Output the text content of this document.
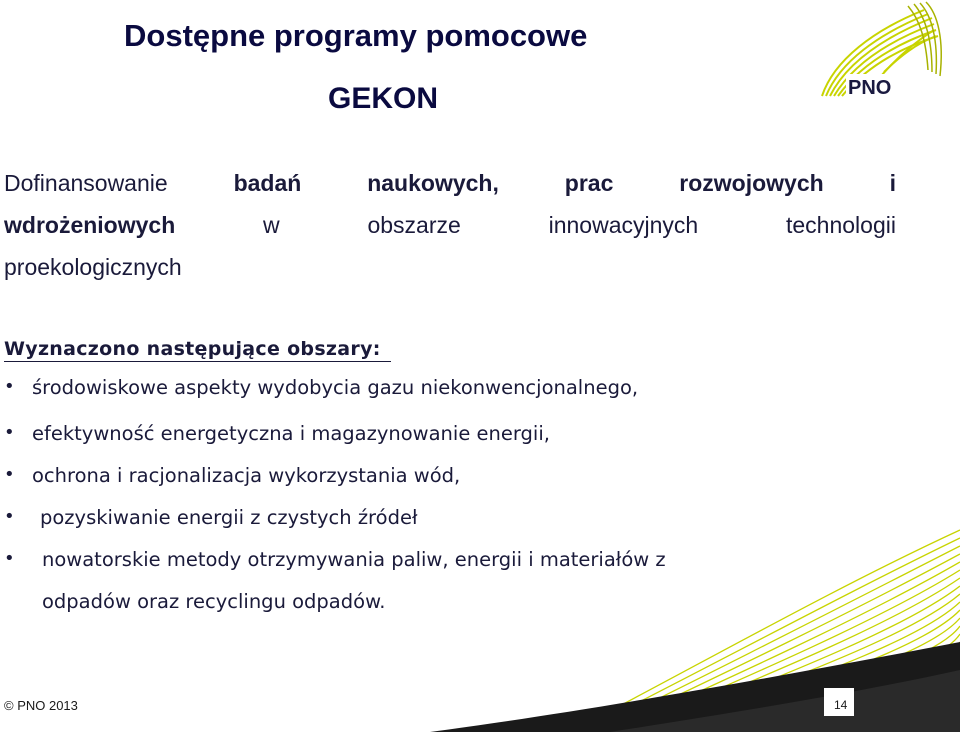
Dostępne programy pomocowe
GEKON	PNO
Dofinansowanie	badań	naukowych,	prac	rozwojowych	i
wdrożeniowych	w	obszarze	innowacyjnych	technologii
proekologicznych
Wyznaczono następujące obszary:
• środowiskowe aspekty wydobycia gazu niekonwencjonalnego,
• efektywność energetyczna i magazynowanie energii,
• ochrona i racjonalizacja wykorzystania wód,
• pozyskiwanie energii z czystych źródeł
• nowatorskie metody otrzymywania paliw, energii i materiałów z
odpadów oraz recyclingu odpadów.
© PNO 2013	14
